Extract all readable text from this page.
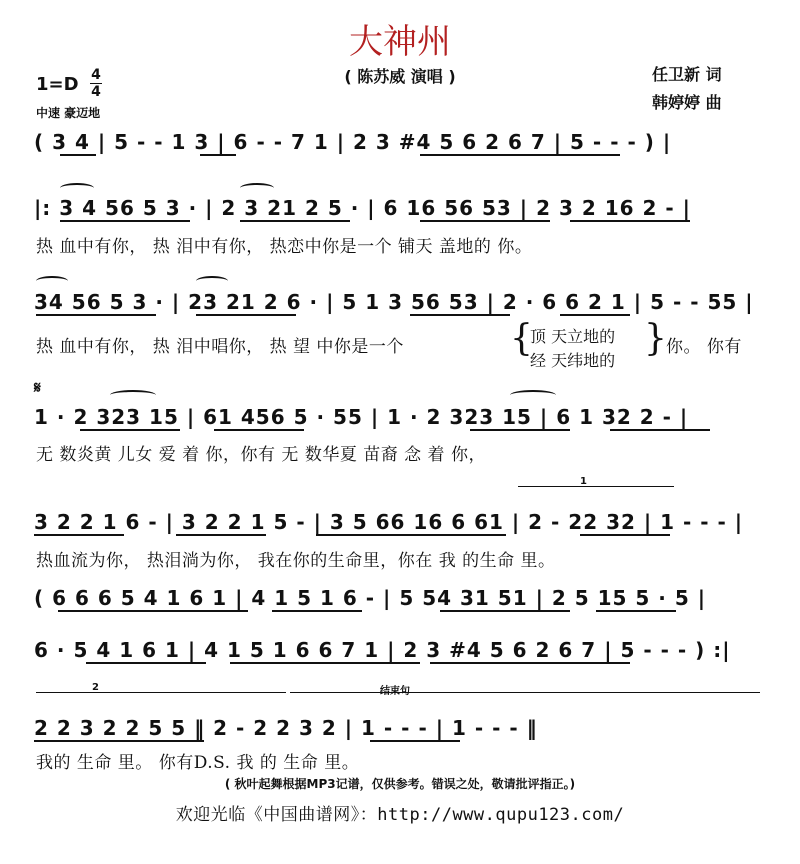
大神州
( 陈苏威 演唱 )	任卫新 词
韩婷婷 曲
1=D 4
4
中速 豪迈地
( 3 4 | 5 - - 1 3 | 6 - - 7 1 | 2 3 #4 5 6 2 6 7 | 5 - - - ) |
|: 3 4 56 5 3 · | 2 3 21 2 5 · | 6 16 56 53 | 2 3 2 16 2 - |
热 血中有你， 热 泪中有你， 热恋中你是一个 铺天 盖地的 你。
34 56 5 3 · | 23 21 2 6 · | 5 1 3 56 53 | 2 · 6 6 2 1 | 5 - - 55 |
热 血中有你， 热 泪中唱你， 热 望 中你是一个	{
顶 天立地的
经 天纬地的
} 你。 你有
𝄋
1 · 2 323 15 | 61 456 5 · 55 | 1 · 2 323 15 | 6 1 32 2 - |
无 数炎黄 儿女 爱 着 你，你有 无 数华夏 苗裔 念 着 你，
1
3 2 2 1 6 - | 3 2 2 1 5 - | 3 5 66 16 6 61 | 2 - 22 32 | 1 - - - |
热血流为你， 热泪淌为你， 我在你的生命里，你在 我 的生命 里。
( 6 6 6 5 4 1 6 1 | 4 1 5 1 6 - | 5 54 31 51 | 2 5 15 5 · 5 |
6 · 5 4 1 6 1 | 4 1 5 1 6 6 7 1 | 2 3 #4 5 6 2 6 7 | 5 - - - ) :|
2	结束句
2 2 3 2 2 5 5 ‖ 2 - 2 2 3 2 | 1 - - - | 1 - - - ‖
我的 生命 里。 你有D.S. 我 的 生命 里。
( 秋叶起舞根据MP3记谱，仅供参考。错误之处，敬请批评指正。)
欢迎光临《中国曲谱网》：http://www.qupu123.com/
